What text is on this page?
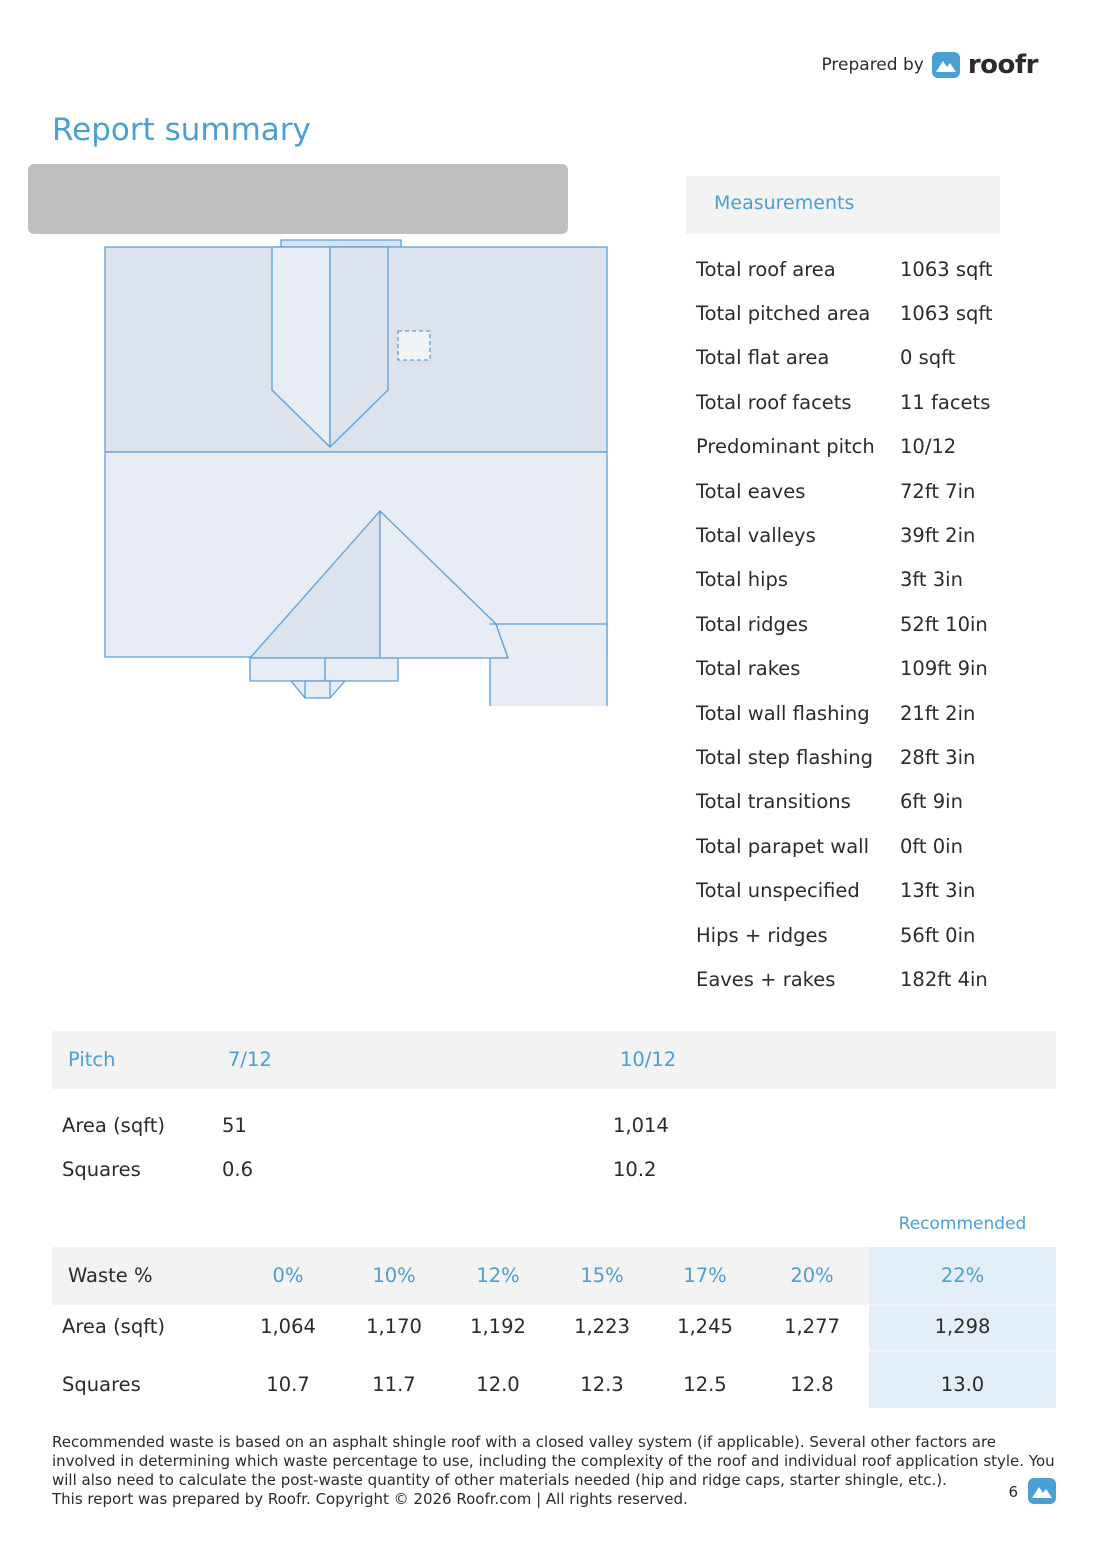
Prepared by roofr
Report summary
Measurements
Total roof area	1063 sqft
Total pitched area	1063 sqft
Total flat area	0 sqft
Total roof facets	11 facets
Predominant pitch	10/12
Total eaves	72ft 7in
Total valleys	39ft 2in
Total hips	3ft 3in
Total ridges	52ft 10in
Total rakes	109ft 9in
Total wall flashing	21ft 2in
Total step flashing	28ft 3in
Total transitions	6ft 9in
Total parapet wall	0ft 0in
Total unspecified	13ft 3in
Hips + ridges	56ft 0in
Eaves + rakes	182ft 4in
Pitch	7/12	10/12
Area (sqft)	51	1,014
Squares	0.6	10.2
Recommended
Waste %	0%	10%	12%	15%	17%	20%	22%
Area (sqft)	1,064	1,170	1,192	1,223	1,245	1,277	1,298
Squares	10.7	11.7	12.0	12.3	12.5	12.8	13.0
Recommended waste is based on an asphalt shingle roof with a closed valley system (if applicable). Several other factors are involved in determining which waste percentage to use, including the complexity of the roof and individual roof application style. You will also need to calculate the post-waste quantity of other materials needed (hip and ridge caps, starter shingle, etc.).
This report was prepared by Roofr. Copyright © 2026 Roofr.com | All rights reserved.	6
